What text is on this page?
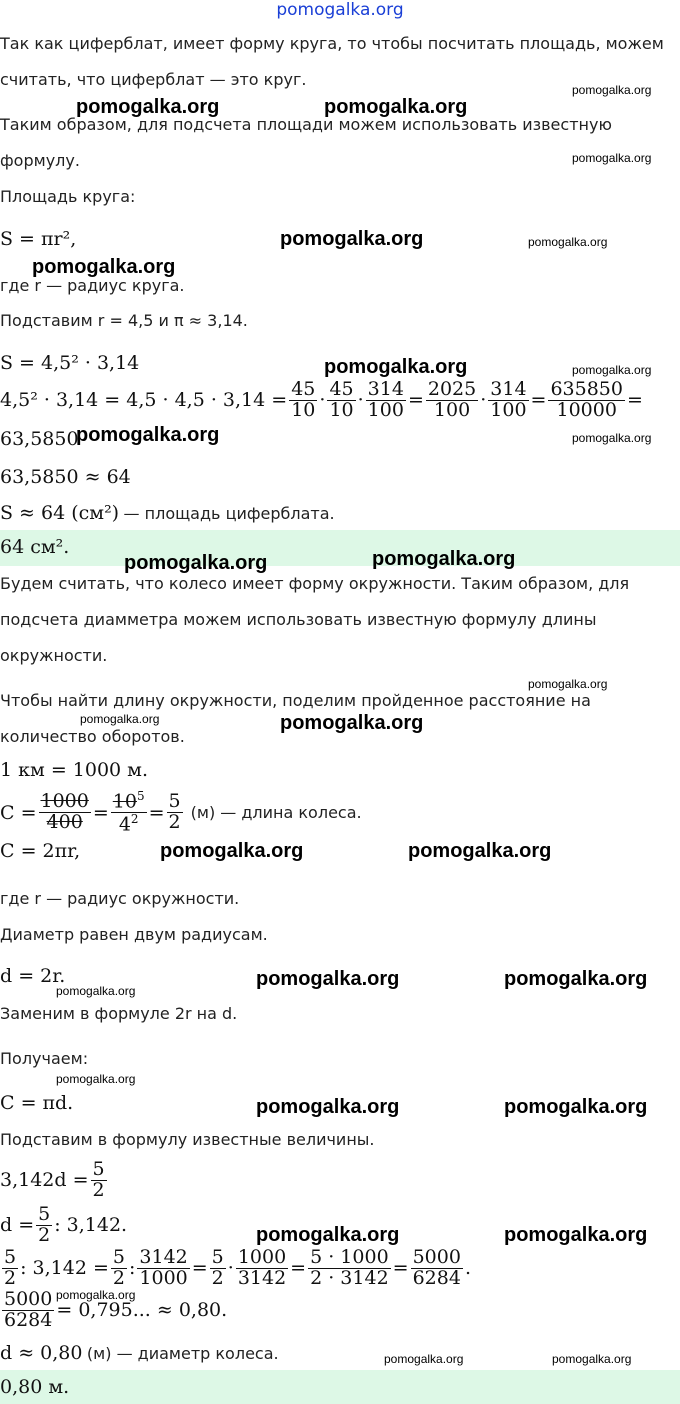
pomogalka.org
Так как циферблат, имеет форму круга, то чтобы посчитать площадь, можем
считать, что циферблат — это круг.
Таким образом, для подсчета площади можем использовать известную
формулу.
Площадь круга:
S = πr²,
где r — радиус круга.
Подставим r = 4,5 и π ≈ 3,14.
S = 4,5² · 3,14
$4,5^2 \cdot 3,14 = 4,5 \cdot 4,5 \cdot 3,14 = \frac{45}{10} \cdot \frac{45}{10} \cdot \frac{314}{100} = \frac{2025}{100} \cdot \frac{314}{100} = \frac{635850}{10000}$ =
63,5850
63,5850 ≈ 64
S ≈ 64 (см²) — площадь циферблата.
64 см².
Будем считать, что колесо имеет форму окружности. Таким образом, для
подсчета диамметра можем использовать известную формулу длины
окружности.
Чтобы найти длину окружности, поделим пройденное расстояние на
количество оборотов.
1 км = 1000 м.
$C = \frac{1000}{400} = \frac{10^5}{4^2} = \frac{5}{2} (м)$ — длина колеса.
C = 2πr,
где r — радиус окружности.
Диаметр равен двум радиусам.
d = 2r.
Заменим в формуле 2r на d.
Получаем:
C = πd.
Подставим в формулу известные величины.
$3,142d = \frac{5}{2}$
$d = \frac{5}{2}$ : 3,142.
$\frac{5}{2}$ : $3,142 = \frac{5}{2}$ : $\frac{3142}{1000} = \frac{5}{2} \cdot \frac{1000}{3142} = \frac{5 \cdot 1000}{2 \cdot 3142} = \frac{5000}{6284}$ .
$\frac{5000}{6284} = 0,795$... ≈ 0,80.
d ≈ 0,80 (м) — диаметр колеса.
0,80 м.
pomogalka.org	pomogalka.org
pomogalka.org
pomogalka.org
pomogalka.org	pomogalka.org
pomogalka.org
pomogalka.org	pomogalka.org
pomogalka.org	pomogalka.org
pomogalka.org	pomogalka.org
pomogalka.org
pomogalka.org	pomogalka.org
pomogalka.org	pomogalka.org
pomogalka.org	pomogalka.org
pomogalka.org
pomogalka.org
pomogalka.org	pomogalka.org
pomogalka.org	pomogalka.org
pomogalka.org
pomogalka.org	pomogalka.org
